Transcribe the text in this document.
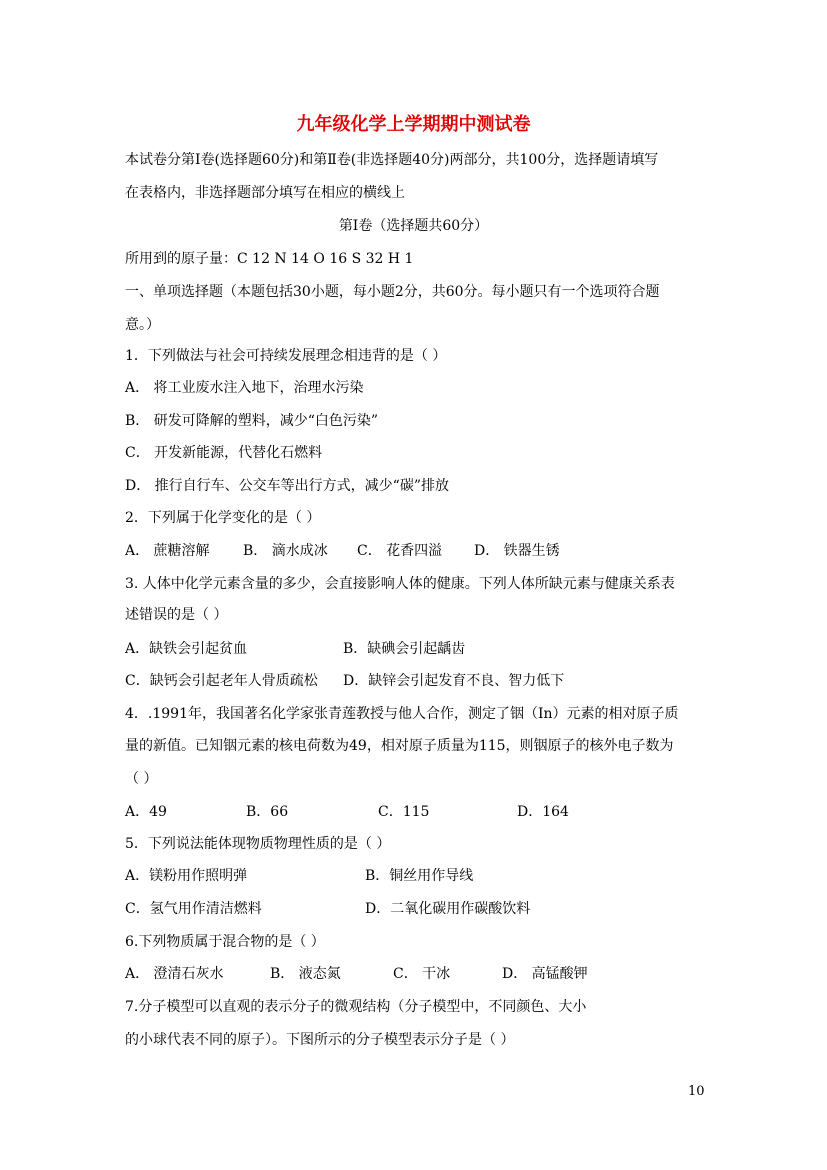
九年级化学上学期期中测试卷
本试卷分第Ⅰ卷(选择题60分)和第Ⅱ卷(非选择题40分)两部分，共100分，选择题请填写
在表格内，非选择题部分填写在相应的横线上
第Ⅰ卷（选择题共60分）
所用到的原子量：C 12 N 14 O 16 S 32 H 1
一、单项选择题（本题包括30小题，每小题2分，共60分。每小题只有一个选项符合题
意。）
1．下列做法与社会可持续发展理念相违背的是（ ）
A． 将工业废水注入地下，治理水污染
B． 研发可降解的塑料，减少“白色污染”
C． 开发新能源，代替化石燃料
D． 推行自行车、公交车等出行方式，减少“碳”排放
2．下列属于化学变化的是（ ）
A． 蔗糖溶解 B． 滴水成冰 C． 花香四溢 D． 铁器生锈
3. 人体中化学元素含量的多少，会直接影响人体的健康。下列人体所缺元素与健康关系表
述错误的是（ ）
A．缺铁会引起贫血	B．缺碘会引起龋齿
C．缺钙会引起老年人骨质疏松 D．缺锌会引起发育不良、智力低下
4．.1991年，我国著名化学家张青莲教授与他人合作，测定了铟（In）元素的相对原子质
量的新值。已知铟元素的核电荷数为49，相对原子质量为115，则铟原子的核外电子数为
（ ）
A．49	B．66	C．115	D．164
5．下列说法能体现物质物理性质的是（ ）
A．镁粉用作照明弹	B．铜丝用作导线
C．氢气用作清洁燃料	D．二氧化碳用作碳酸饮料
6.下列物质属于混合物的是（ ）
A． 澄清石灰水	B． 液态氮	C． 干冰	D． 高锰酸钾
7.分子模型可以直观的表示分子的微观结构（分子模型中，不同颜色、大小
的小球代表不同的原子）。下图所示的分子模型表示分子是（ ）
10
